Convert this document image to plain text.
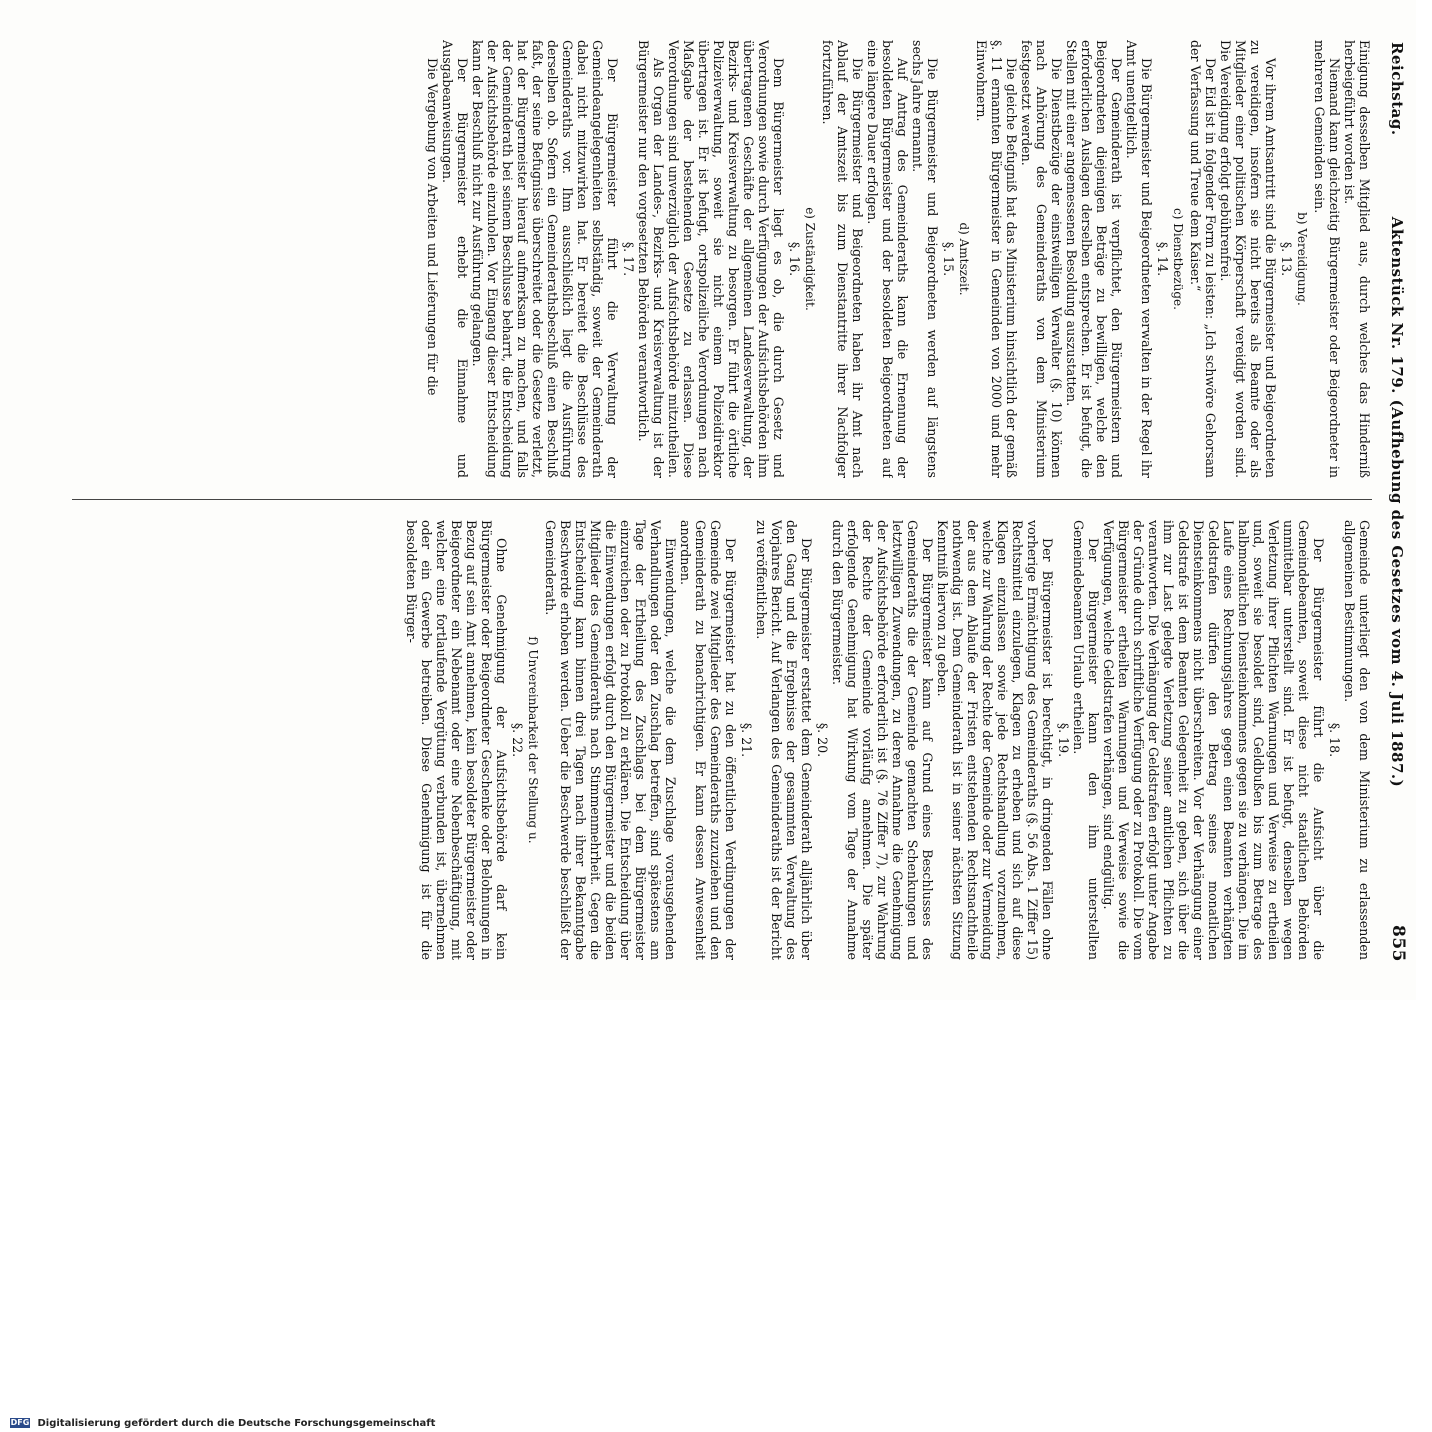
Reichstag.
Aktenstück Nr. 179. (Aufhebung des Gesetzes vom 4. Juli 1887.)
855

Einigung desselben Mitglied aus, durch welches das Hinderniß herbeigeführt worden ist.

Niemand kann gleichzeitig Bürgermeister oder Beigeordneter in mehreren Gemeinden sein.

b) Vereidigung.

§. 13.

Vor ihrem Amtsantritt sind die Bürgermeister und Beigeordneten zu vereidigen, insofern sie nicht bereits als Beamte oder als Mitglieder einer politischen Körperschaft vereidigt worden sind. Die Vereidigung erfolgt gebührenfrei.

Der Eid ist in folgender Form zu leisten: „Ich schwöre Gehorsam der Verfassung und Treue dem Kaiser.“

c) Dienstbezüge.

§. 14.

Die Bürgermeister und Beigeordneten verwalten in der Regel ihr Amt unentgeltlich.

Der Gemeinderath ist verpflichtet, den Bürgermeistern und Beigeordneten diejenigen Beträge zu bewilligen, welche den erforderlichen Auslagen derselben entsprechen. Er ist befugt, die Stellen mit einer angemessenen Besoldung auszustatten.

Die Dienstbezüge der einstweiligen Verwalter (§. 10) können nach Anhörung des Gemeinderaths von dem Ministerium festgesetzt werden.

Die gleiche Befugniß hat das Ministerium hinsichtlich der gemäß §. 11 ernannten Bürgermeister in Gemeinden von 2000 und mehr Einwohnern.

d) Amtszeit.

§. 15.

Die Bürgermeister und Beigeordneten werden auf längstens sechs Jahre ernannt.

Auf Antrag des Gemeinderaths kann die Ernennung der besoldeten Bürgermeister und der besoldeten Beigeordneten auf eine längere Dauer erfolgen.

Die Bürgermeister und Beigeordneten haben ihr Amt nach Ablauf der Amtszeit bis zum Dienstantritte ihrer Nachfolger fortzuführen.

e) Zuständigkeit.

§. 16.

Dem Bürgermeister liegt es ob, die durch Gesetz und Verordnungen sowie durch Verfügungen der Aufsichtsbehörden ihm übertragenen Geschäfte der allgemeinen Landesverwaltung, der Bezirks- und Kreisverwaltung zu besorgen. Er führt die örtliche Polizeiverwaltung, soweit sie nicht einem Polizeidirektor übertragen ist. Er ist befugt, ortspolizeiliche Verordnungen nach Maßgabe der bestehenden Gesetze zu erlassen. Diese Verordnungen sind unverzüglich der Aufsichtsbehörde mitzutheilen.

Als Organ der Landes-, Bezirks- und Kreisverwaltung ist der Bürgermeister nur den vorgesetzten Behörden verantwortlich.

§. 17.

Der Bürgermeister führt die Verwaltung der Gemeindeangelegenheiten selbständig, soweit der Gemeinderath dabei nicht mitzuwirken hat. Er bereitet die Beschlüsse des Gemeinderaths vor. Ihm ausschließlich liegt die Ausführung derselben ob. Sofern ein Gemeinderathsbeschluß einen Beschluß faßt, der seine Befugnisse überschreitet oder die Gesetze verletzt, hat der Bürgermeister hierauf aufmerksam zu machen, und falls der Gemeinderath bei seinem Beschlusse beharrt, die Entscheidung der Aufsichtsbehörde einzuholen. Vor Eingang dieser Entscheidung kann der Beschluß nicht zur Ausführung gelangen.

Der Bürgermeister erhebt die Einnahme und Ausgabeanweisungen.

Die Vergebung von Arbeiten und Lieferungen für die

Gemeinde unterliegt den von dem Ministerium zu erlassenden allgemeinen Bestimmungen.

§. 18.

Der Bürgermeister führt die Aufsicht über die Gemeindebeamten, soweit diese nicht staatlichen Behörden unmittelbar unterstellt sind. Er ist befugt, denselben wegen Verletzung ihrer Pflichten Warnungen und Verweise zu ertheilen und, soweit sie besoldet sind, Geldbußen bis zum Betrage des halbmonatlichen Diensteinkommens gegen sie zu verhängen. Die im Laufe eines Rechnungsjahres gegen einen Beamten verhängten Geldstrafen dürfen den Betrag seines monatlichen Diensteinkommens nicht überschreiten. Vor der Verhängung einer Geldstrafe ist dem Beamten Gelegenheit zu geben, sich über die ihm zur Last gelegte Verletzung seiner amtlichen Pflichten zu verantworten. Die Verhängung der Geldstrafen erfolgt unter Angabe der Gründe durch schriftliche Verfügung oder zu Protokoll. Die vom Bürgermeister ertheilten Warnungen und Verweise sowie die Verfügungen, welche Geldstrafen verhängen, sind endgültig.

Der Bürgermeister kann den ihm unterstellten Gemeindebeamten Urlaub ertheilen.

§. 19.

Der Bürgermeister ist berechtigt, in dringenden Fällen ohne vorherige Ermächtigung des Gemeinderaths (§. 56 Abs. 1 Ziffer 15) Rechtsmittel einzulegen, Klagen zu erheben und sich auf diese Klagen einzulassen sowie jede Rechtshandlung vorzunehmen, welche zur Wahrung der Rechte der Gemeinde oder zur Vermeidung der aus dem Ablaufe der Fristen entstehenden Rechtsnachtheile nothwendig ist. Dem Gemeinderath ist in seiner nächsten Sitzung Kenntniß hiervon zu geben.

Der Bürgermeister kann auf Grund eines Beschlusses des Gemeinderaths die der Gemeinde gemachten Schenkungen und letztwilligen Zuwendungen, zu deren Annahme die Genehmigung der Aufsichtsbehörde erforderlich ist (§. 76 Ziffer 7), zur Wahrung der Rechte der Gemeinde vorläufig annehmen. Die später erfolgende Genehmigung hat Wirkung vom Tage der Annahme durch den Bürgermeister.

§. 20.

Der Bürgermeister erstattet dem Gemeinderath alljährlich über den Gang und die Ergebnisse der gesammten Verwaltung des Vorjahres Bericht. Auf Verlangen des Gemeinderaths ist der Bericht zu veröffentlichen.

§. 21.

Der Bürgermeister hat zu den öffentlichen Verdingungen der Gemeinde zwei Mitglieder des Gemeinderaths zuzuziehen und den Gemeinderath zu benachrichtigen. Er kann dessen Anwesenheit anordnen.

Einwendungen, welche die dem Zuschlage vorausgehenden Verhandlungen oder den Zuschlag betreffen, sind spätestens am Tage der Ertheilung des Zuschlags bei dem Bürgermeister einzureichen oder zu Protokoll zu erklären. Die Entscheidung über die Einwendungen erfolgt durch den Bürgermeister und die beiden Mitglieder des Gemeinderaths nach Stimmenmehrheit. Gegen die Entscheidung kann binnen drei Tagen nach ihrer Bekanntgabe Beschwerde erhoben werden. Ueber die Beschwerde beschließt der Gemeinderath.

f) Unvereinbarkeit der Stellung u.

§. 22.

Ohne Genehmigung der Aufsichtsbehörde darf kein Bürgermeister oder Beigeordneter Geschenke oder Belohnungen in Bezug auf sein Amt annehmen, kein besoldeter Bürgermeister oder Beigeordneter ein Nebenamt oder eine Nebenbeschäftigung, mit welcher eine fortlaufende Vergütung verbunden ist, übernehmen oder ein Gewerbe betreiben. Diese Genehmigung ist für die besoldeten Bürger-

DFG Digitalisierung gefördert durch die Deutsche Forschungsgemeinschaft
